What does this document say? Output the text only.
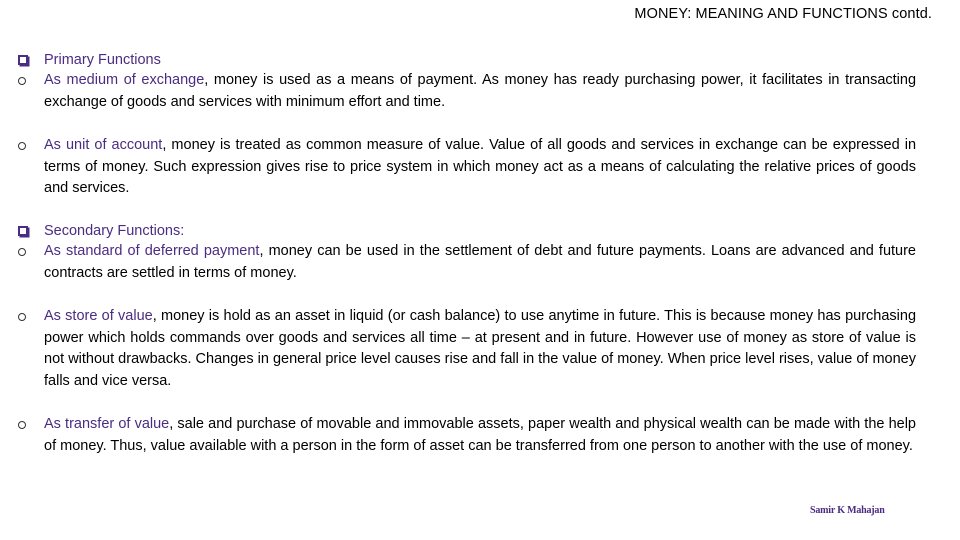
MONEY: MEANING AND FUNCTIONS contd.
Primary Functions
As medium of exchange, money is used as a means of payment. As money has ready purchasing power, it facilitates in transacting exchange of goods and services with minimum effort and time.
As unit of account, money is treated as common measure of value. Value of all goods and services in exchange can be expressed in terms of money. Such expression gives rise to price system in which money act as a means of calculating the relative prices of goods and services.
Secondary Functions:
As standard of deferred payment, money can be used in the settlement of debt and future payments. Loans are advanced and future contracts are settled in terms of money.
As store of value, money is hold as an asset in liquid (or cash balance) to use anytime in future. This is because money has purchasing power which holds commands over goods and services all time – at present and in future. However use of money as store of value is not without drawbacks. Changes in general price level causes rise and fall in the value of money. When price level rises, value of money falls and vice versa.
As transfer of value, sale and purchase of movable and immovable assets, paper wealth and physical wealth can be made with the help of money. Thus, value available with a person in the form of asset can be transferred from one person to another with the use of money.
Samir K Mahajan
